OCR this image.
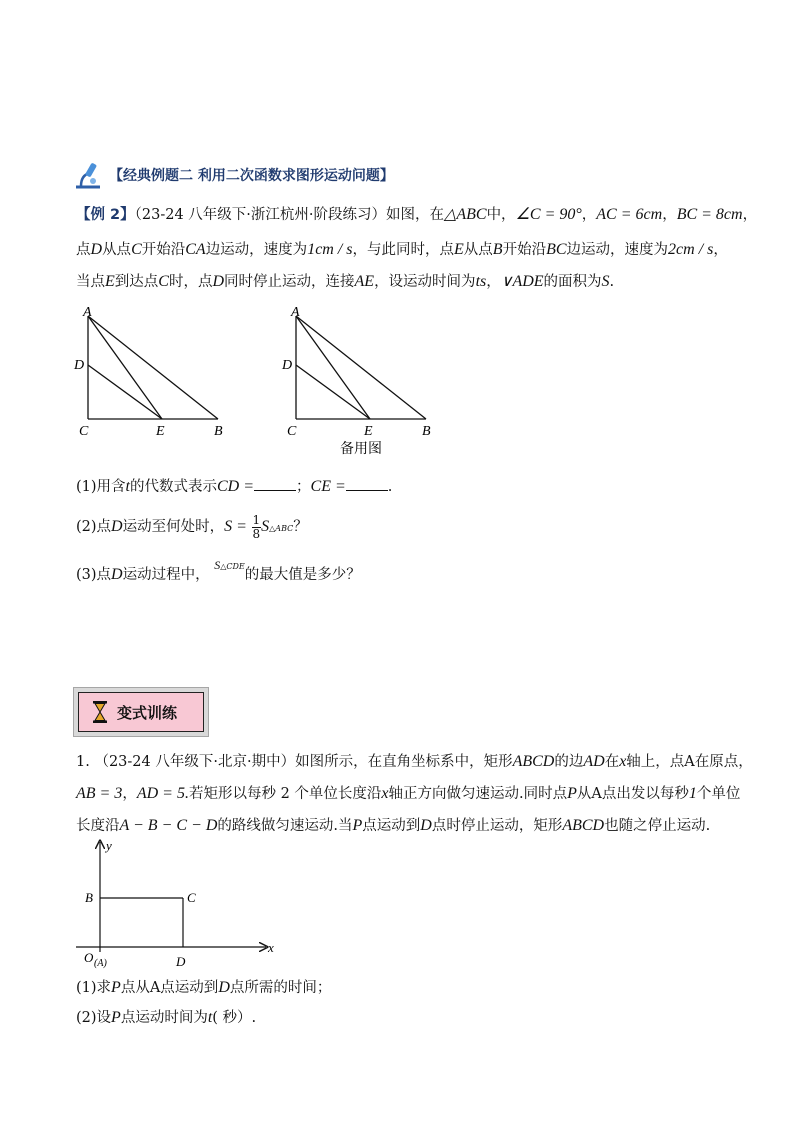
【经典例题二 利用二次函数求图形运动问题】
【例 2】（23-24 八年级下·浙江杭州·阶段练习）如图，在△ABC中，∠C = 90°，AC = 6cm，BC = 8cm，
点D从点C开始沿CA边运动，速度为1cm / s，与此同时，点E从点B开始沿BC边运动，速度为2cm / s，
当点E到达点C时，点D同时停止运动，连接AE，设运动时间为ts，∨ADE的面积为S.
A
D
C	E	B
A
D
C	E	B
备用图
(1)用含t的代数式表示CD =	；CE =	.
(2)点D运动至何处时，$S = \frac{1}{8}$ S△ABC？
(3)点D运动过程中， S△CDE的最大值是多少？
变式训练
1. （23-24 八年级下·北京·期中）如图所示，在直角坐标系中，矩形ABCD的边AD在x轴上，点A在原点，
AB = 3，AD = 5.若矩形以每秒 2 个单位长度沿x轴正方向做匀速运动.同时点P从A点出发以每秒1个单位
长度沿A − B − C − D的路线做匀速运动.当P点运动到D点时停止运动，矩形ABCD也随之停止运动.
y
x
B	C
O (A)	D
(1)求P点从A点运动到D点所需的时间；
(2)设P点运动时间为t( 秒）.
